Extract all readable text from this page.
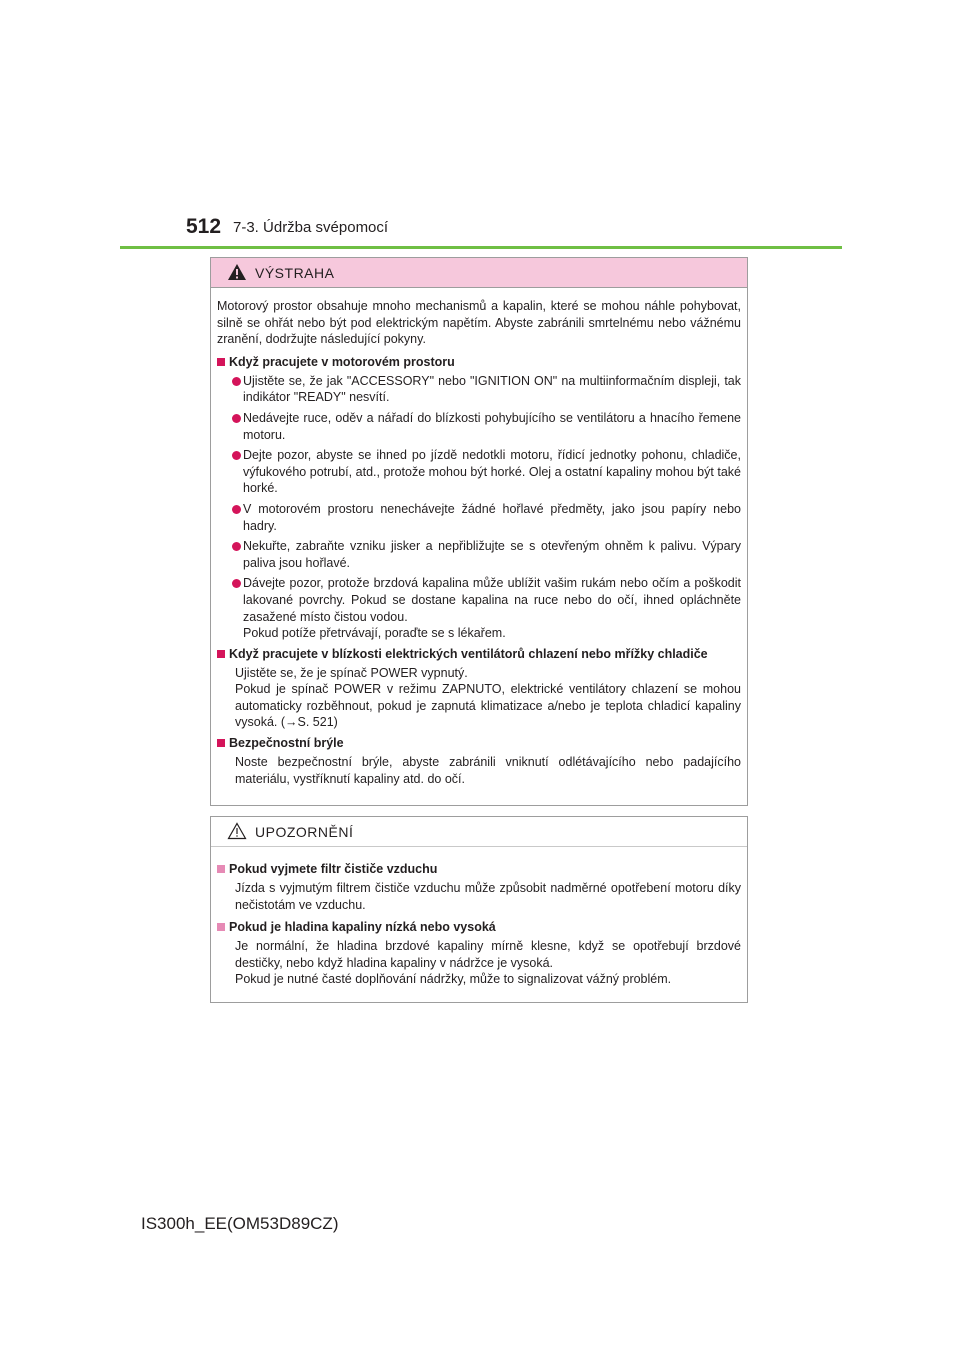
512 7-3. Údržba svépomocí
VÝSTRAHA

Motorový prostor obsahuje mnoho mechanismů a kapalin, které se mohou náhle pohybovat, silně se ohřát nebo být pod elektrickým napětím. Abyste zabránili smrtelnému nebo vážnému zranění, dodržujte následující pokyny.

Když pracujete v motorovém prostoru
Ujistěte se, že jak "ACCESSORY" nebo "IGNITION ON" na multiinformačním displeji, tak indikátor "READY" nesvítí.
Nedávejte ruce, oděv a nářadí do blízkosti pohybujícího se ventilátoru a hnacího řemene motoru.
Dejte pozor, abyste se ihned po jízdě nedotkli motoru, řídicí jednotky pohonu, chladiče, výfukového potrubí, atd., protože mohou být horké. Olej a ostatní kapaliny mohou být také horké.
V motorovém prostoru nenechávejte žádné hořlavé předměty, jako jsou papíry nebo hadry.
Nekuřte, zabraňte vzniku jisker a nepřibližujte se s otevřeným ohněm k palivu. Výpary paliva jsou hořlavé.
Dávejte pozor, protože brzdová kapalina může ublížit vašim rukám nebo očím a poškodit lakované povrchy. Pokud se dostane kapalina na ruce nebo do očí, ihned opláchněte zasažené místo čistou vodou.
Pokud potíže přetrvávají, poraďte se s lékařem.
Když pracujete v blízkosti elektrických ventilátorů chlazení nebo mřížky chladiče

Ujistěte se, že je spínač POWER vypnutý.

Pokud je spínač POWER v režimu ZAPNUTO, elektrické ventilátory chlazení se mohou automaticky rozběhnout, pokud je zapnutá klimatizace a/nebo je teplota chladicí kapaliny vysoká. (→S. 521)

Bezpečnostní brýle

Noste bezpečnostní brýle, abyste zabránili vniknutí odlétávajícího nebo padajícího materiálu, vystříknutí kapaliny atd. do očí.

UPOZORNĚNÍ
Pokud vyjmete filtr čističe vzduchu

Jízda s vyjmutým filtrem čističe vzduchu může způsobit nadměrné opotřebení motoru díky nečistotám ve vzduchu.

Pokud je hladina kapaliny nízká nebo vysoká

Je normální, že hladina brzdové kapaliny mírně klesne, když se opotřebují brzdové destičky, nebo když hladina kapaliny v nádržce je vysoká.

Pokud je nutné časté doplňování nádržky, může to signalizovat vážný problém.

IS300h_EE(OM53D89CZ)
